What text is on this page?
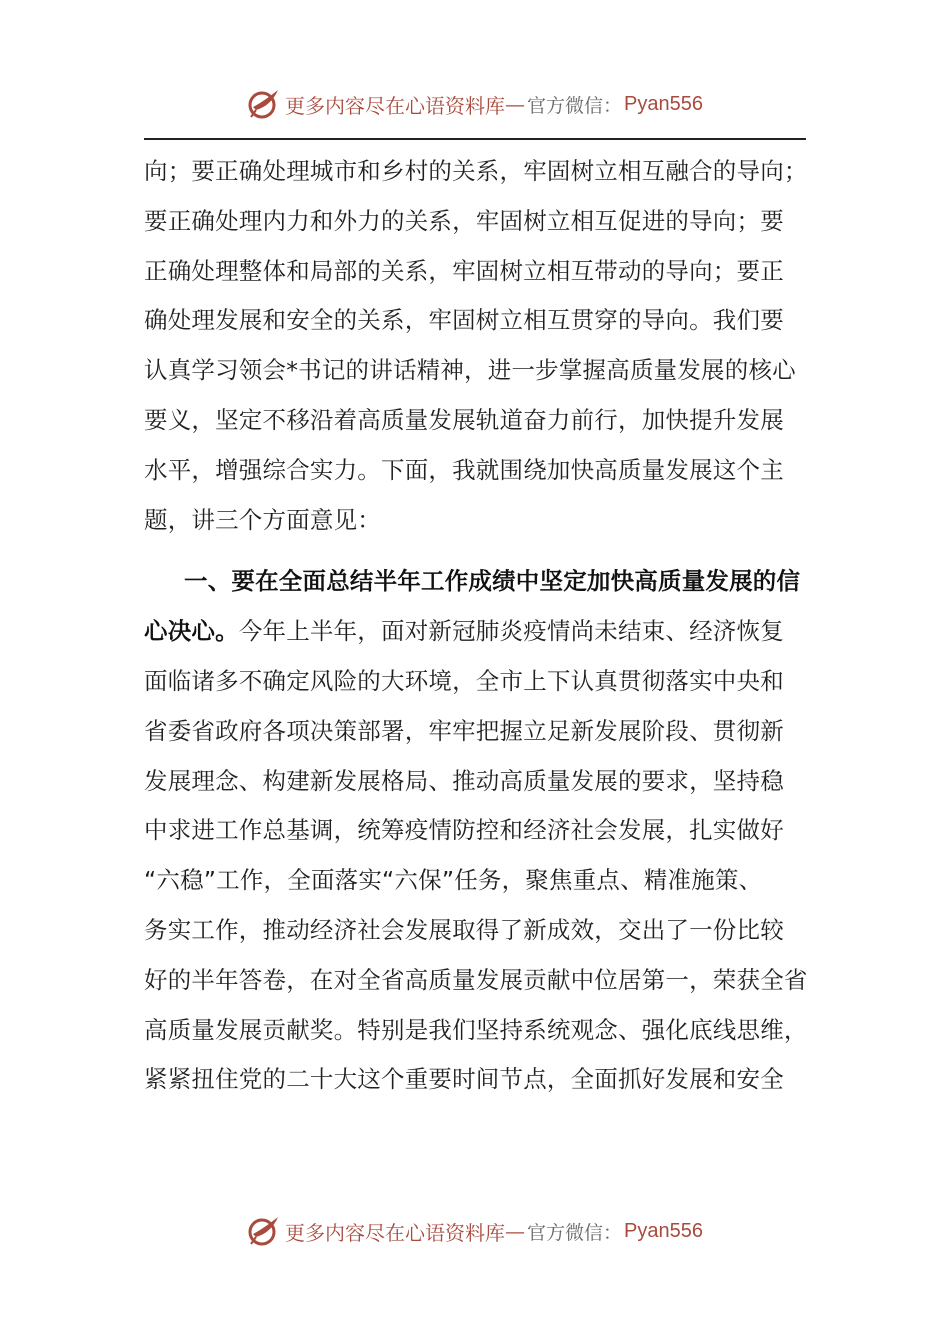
更多内容尽在心语资料库 — 官方微信： Pyan556
向；要正确处理城市和乡村的关系，牢固树立相互融合的导向；
要正确处理内力和外力的关系，牢固树立相互促进的导向；要
正确处理整体和局部的关系，牢固树立相互带动的导向；要正
确处理发展和安全的关系，牢固树立相互贯穿的导向。我们要
认真学习领会*书记的讲话精神，进一步掌握高质量发展的核心
要义，坚定不移沿着高质量发展轨道奋力前行，加快提升发展
水平，增强综合实力。下面，我就围绕加快高质量发展这个主
题，讲三个方面意见：
一、要在全面总结半年工作成绩中坚定加快高质量发展的信
心决心。今年上半年，面对新冠肺炎疫情尚未结束、经济恢复
面临诸多不确定风险的大环境，全市上下认真贯彻落实中央和
省委省政府各项决策部署，牢牢把握立足新发展阶段、贯彻新
发展理念、构建新发展格局、推动高质量发展的要求，坚持稳
中求进工作总基调，统筹疫情防控和经济社会发展，扎实做好
“六稳”工作，全面落实“六保”任务，聚焦重点、精准施策、
务实工作，推动经济社会发展取得了新成效，交出了一份比较
好的半年答卷，在对全省高质量发展贡献中位居第一，荣获全省
高质量发展贡献奖。特别是我们坚持系统观念、强化底线思维，
紧紧扭住党的二十大这个重要时间节点，全面抓好发展和安全
更多内容尽在心语资料库 — 官方微信： Pyan556
